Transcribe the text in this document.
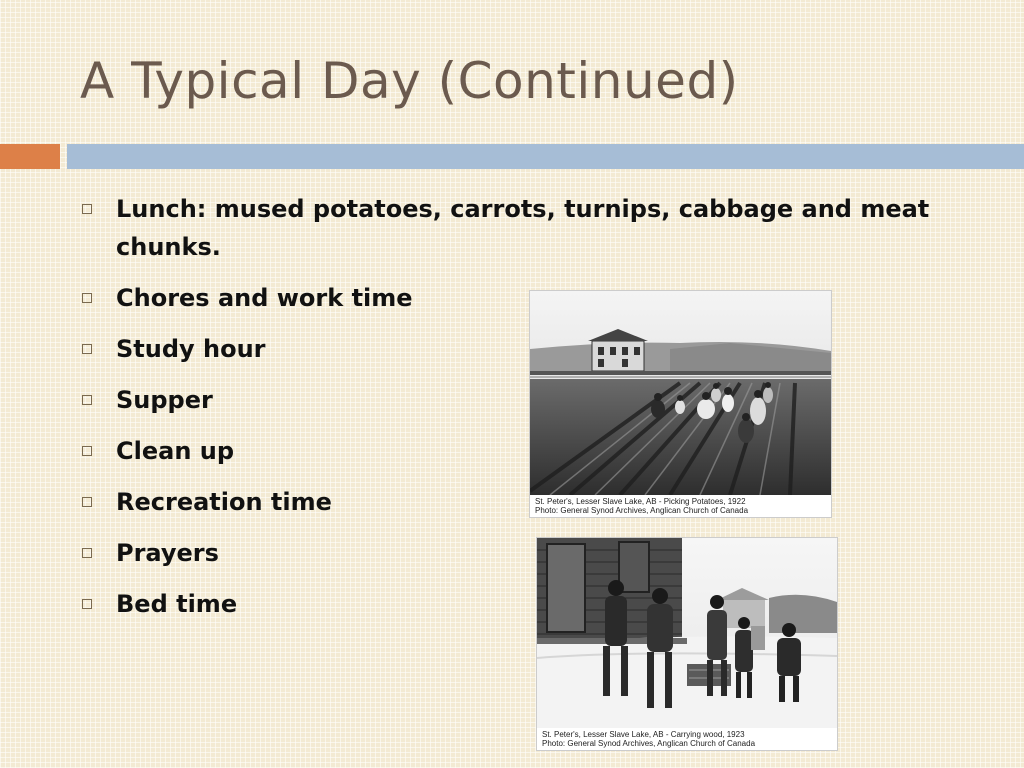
A Typical Day (Continued)
Lunch: mused potatoes, carrots, turnips, cabbage and meat chunks.
Chores and work time
Study hour
Supper
Clean up
Recreation time
Prayers
Bed time
St. Peter's, Lesser Slave Lake, AB - Picking Potatoes, 1922
Photo: General Synod Archives, Anglican Church of Canada
St. Peter's, Lesser Slave Lake, AB - Carrying wood, 1923
Photo: General Synod Archives, Anglican Church of Canada
